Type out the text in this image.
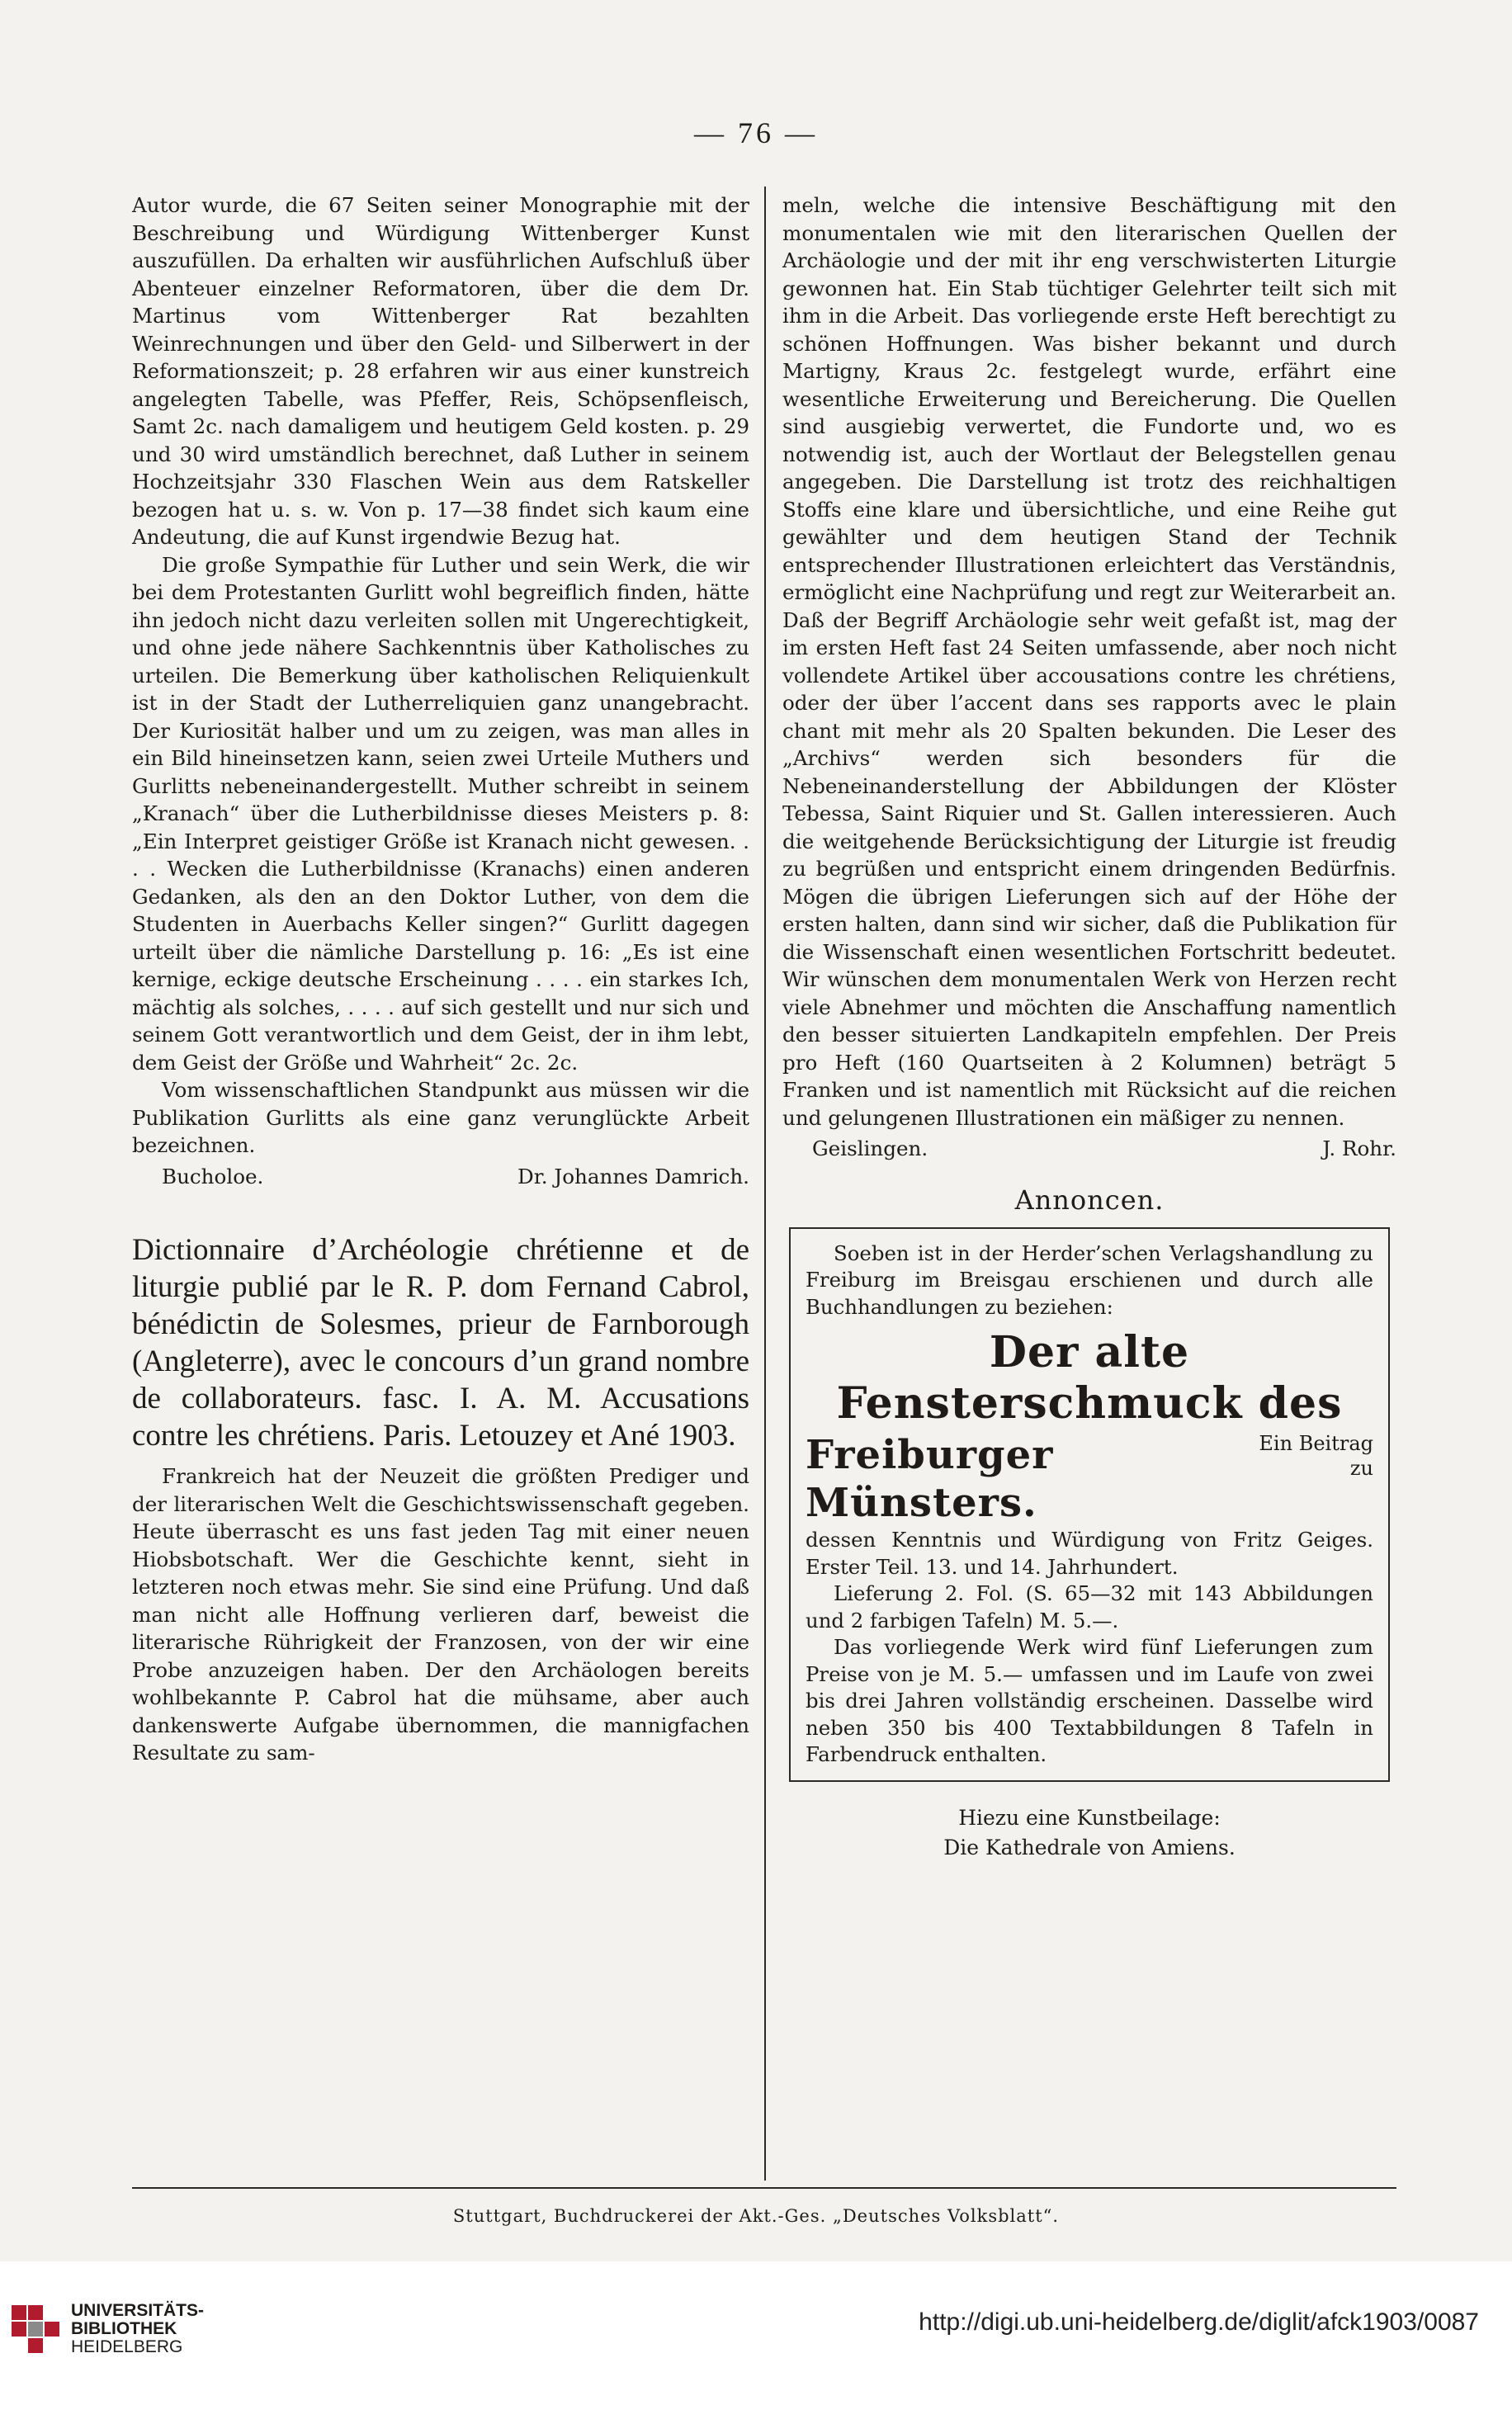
— 76 —

Autor wurde, die 67 Seiten seiner Monographie mit der Beschreibung und Würdigung Wittenberger Kunst auszufüllen. Da erhalten wir ausführlichen Aufschluß über Abenteuer einzelner Reformatoren, über die dem Dr. Martinus vom Wittenberger Rat bezahlten Weinrechnungen und über den Geld- und Silberwert in der Reformationszeit; p. 28 erfahren wir aus einer kunstreich angelegten Tabelle, was Pfeffer, Reis, Schöpsenfleisch, Samt 2c. nach damaligem und heutigem Geld kosten. p. 29 und 30 wird umständlich berechnet, daß Luther in seinem Hochzeitsjahr 330 Flaschen Wein aus dem Ratskeller bezogen hat u. s. w. Von p. 17—38 findet sich kaum eine Andeutung, die auf Kunst irgendwie Bezug hat.

Die große Sympathie für Luther und sein Werk, die wir bei dem Protestanten Gurlitt wohl begreiflich finden, hätte ihn jedoch nicht dazu verleiten sollen mit Ungerechtigkeit, und ohne jede nähere Sachkenntnis über Katholisches zu urteilen. Die Bemerkung über katholischen Reliquienkult ist in der Stadt der Lutherreliquien ganz unangebracht. Der Kuriosität halber und um zu zeigen, was man alles in ein Bild hineinsetzen kann, seien zwei Urteile Muthers und Gurlitts nebeneinandergestellt. Muther schreibt in seinem „Kranach“ über die Lutherbildnisse dieses Meisters p. 8: „Ein Interpret geistiger Größe ist Kranach nicht gewesen. . . . Wecken die Lutherbildnisse (Kranachs) einen anderen Gedanken, als den an den Doktor Luther, von dem die Studenten in Auerbachs Keller singen?“ Gurlitt dagegen urteilt über die nämliche Darstellung p. 16: „Es ist eine kernige, eckige deutsche Erscheinung . . . . ein starkes Ich, mächtig als solches, . . . . auf sich gestellt und nur sich und seinem Gott verantwortlich und dem Geist, der in ihm lebt, dem Geist der Größe und Wahrheit“ 2c. 2c.

Vom wissenschaftlichen Standpunkt aus müssen wir die Publikation Gurlitts als eine ganz verunglückte Arbeit bezeichnen.

Bucholoe.	Dr. Johannes Damrich.
Dictionnaire d’Archéologie chrétienne et de liturgie publié par le R. P. dom Fernand Cabrol, bénédictin de Solesmes, prieur de Farnborough (Angleterre), avec le concours d’un grand nombre de collaborateurs. fasc. I. A. M. Accusations contre les chrétiens. Paris. Letouzey et Ané 1903.

Frankreich hat der Neuzeit die größten Prediger und der literarischen Welt die Geschichtswissenschaft gegeben. Heute überrascht es uns fast jeden Tag mit einer neuen Hiobsbotschaft. Wer die Geschichte kennt, sieht in letzteren noch etwas mehr. Sie sind eine Prüfung. Und daß man nicht alle Hoffnung verlieren darf, beweist die literarische Rührigkeit der Franzosen, von der wir eine Probe anzuzeigen haben. Der den Archäologen bereits wohlbekannte P. Cabrol hat die mühsame, aber auch dankenswerte Aufgabe übernommen, die mannigfachen Resultate zu sam-

meln, welche die intensive Beschäftigung mit den monumentalen wie mit den literarischen Quellen der Archäologie und der mit ihr eng verschwisterten Liturgie gewonnen hat. Ein Stab tüchtiger Gelehrter teilt sich mit ihm in die Arbeit. Das vorliegende erste Heft berechtigt zu schönen Hoffnungen. Was bisher bekannt und durch Martigny, Kraus 2c. festgelegt wurde, erfährt eine wesentliche Erweiterung und Bereicherung. Die Quellen sind ausgiebig verwertet, die Fundorte und, wo es notwendig ist, auch der Wortlaut der Belegstellen genau angegeben. Die Darstellung ist trotz des reichhaltigen Stoffs eine klare und übersichtliche, und eine Reihe gut gewählter und dem heutigen Stand der Technik entsprechender Illustrationen erleichtert das Verständnis, ermöglicht eine Nachprüfung und regt zur Weiterarbeit an. Daß der Begriff Archäologie sehr weit gefaßt ist, mag der im ersten Heft fast 24 Seiten umfassende, aber noch nicht vollendete Artikel über accousations contre les chrétiens, oder der über l’accent dans ses rapports avec le plain chant mit mehr als 20 Spalten bekunden. Die Leser des „Archivs“ werden sich besonders für die Nebeneinanderstellung der Abbildungen der Klöster Tebessa, Saint Riquier und St. Gallen interessieren. Auch die weitgehende Berücksichtigung der Liturgie ist freudig zu begrüßen und entspricht einem dringenden Bedürfnis. Mögen die übrigen Lieferungen sich auf der Höhe der ersten halten, dann sind wir sicher, daß die Publikation für die Wissenschaft einen wesentlichen Fortschritt bedeutet. Wir wünschen dem monumentalen Werk von Herzen recht viele Abnehmer und möchten die Anschaffung namentlich den besser situierten Landkapiteln empfehlen. Der Preis pro Heft (160 Quartseiten à 2 Kolumnen) beträgt 5 Franken und ist namentlich mit Rücksicht auf die reichen und gelungenen Illustrationen ein mäßiger zu nennen.

Geislingen.	J. Rohr.
Annoncen.

Soeben ist in der Herder’schen Verlagshandlung zu Freiburg im Breisgau erschienen und durch alle Buchhandlungen zu beziehen:

Der alte Fensterschmuck des
Freiburger Münsters.
Ein Beitrag zu

dessen Kenntnis und Würdigung von Fritz Geiges. Erster Teil. 13. und 14. Jahrhundert.

Lieferung 2. Fol. (S. 65—32 mit 143 Abbildungen und 2 farbigen Tafeln) M. 5.—.

Das vorliegende Werk wird fünf Lieferungen zum Preise von je M. 5.— umfassen und im Laufe von zwei bis drei Jahren vollständig erscheinen. Dasselbe wird neben 350 bis 400 Textabbildungen 8 Tafeln in Farbendruck enthalten.

Hiezu eine Kunstbeilage:
Die Kathedrale von Amiens.
Stuttgart, Buchdruckerei der Akt.-Ges. „Deutsches Volksblatt“.
UNIVERSITÄTS-
BIBLIOTHEK
HEIDELBERG
http://digi.ub.uni-heidelberg.de/diglit/afck1903/0087
